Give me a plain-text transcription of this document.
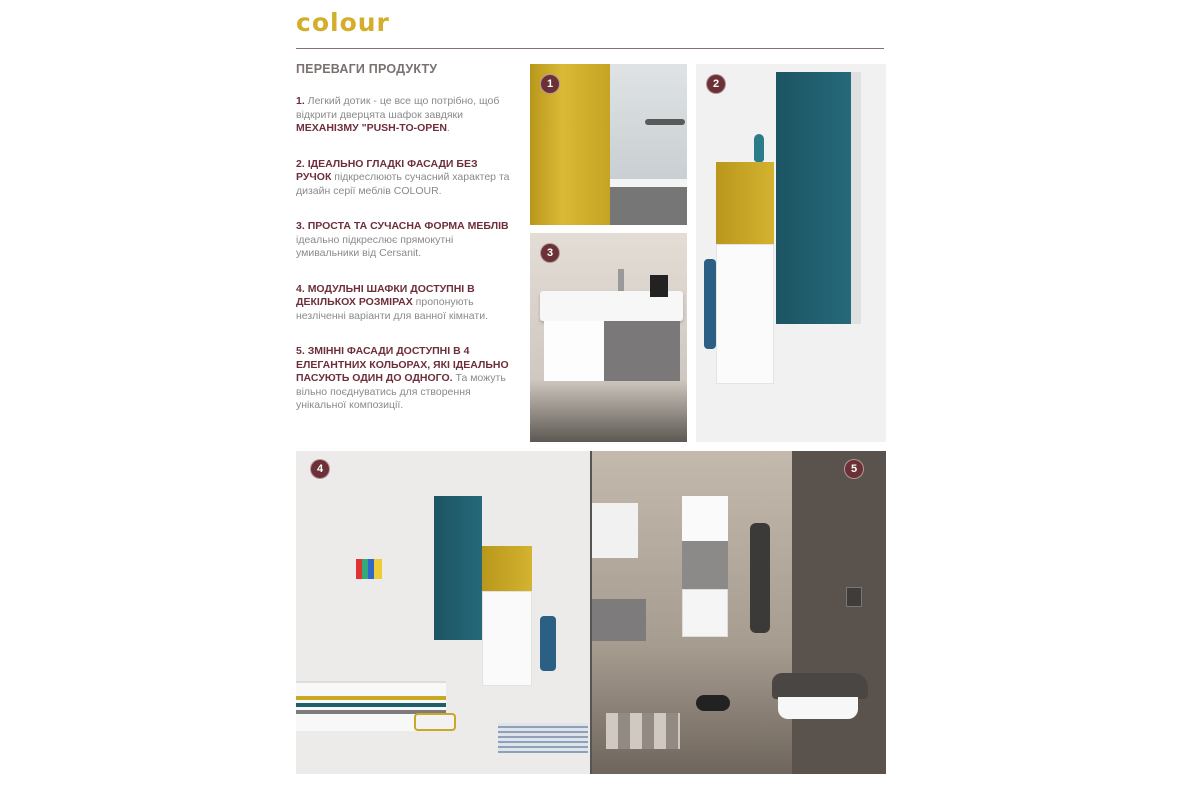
colour
ПЕРЕВАГИ ПРОДУКТУ
1. Легкий дотик - це все що потрібно, щоб відкрити дверцята шафок завдяки МЕХАНІЗМУ "PUSH-TO-OPEN.
2. ІДЕАЛЬНО ГЛАДКІ ФАСАДИ БЕЗ РУЧОК підкреслюють сучасний характер та дизайн серії меблів COLOUR.
3. ПРОСТА ТА СУЧАСНА ФОРМА МЕБЛІВ ідеально підкреслює прямокутні умивальники від Cersanit.
4. МОДУЛЬНІ ШАФКИ ДОСТУПНІ В ДЕКІЛЬКОХ РОЗМІРАХ пропонують незліченні варіанти для ванної кімнати.
5. ЗМІННІ ФАСАДИ ДОСТУПНІ В 4 ЕЛЕГАНТНИХ КОЛЬОРАХ, ЯКІ ІДЕАЛЬНО ПАСУЮТЬ ОДИН ДО ОДНОГО. Та можуть вільно поєднуватись для створення унікальної композиції.
1	2
3
4	5
